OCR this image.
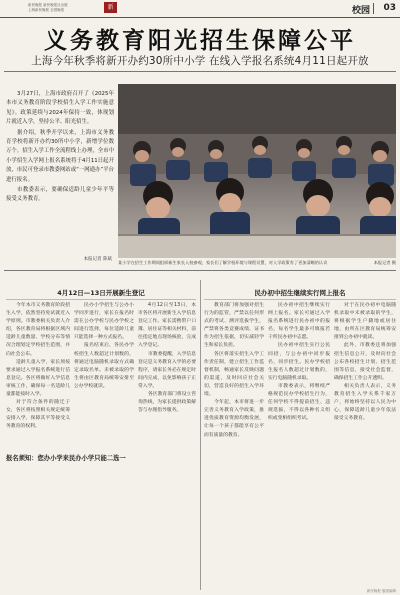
新民晚报 新民晚报社出版
上海新民晚报 全国晚报	新	校园 03
义务教育阳光招生保障公平
上海今年秋季将新开办约30所中小学 在线入学报名系统4月11日起开放

3月27日，上海市政府召开了《2025年本市义务教育阶段学校招生入学工作实施意见》。政策延续与2024年保持一致，体现划片就近入学，坚持公平、阳光招生。

据介绍，秋季开学以来，上海市义务教育学校将新开办约30所中小学，新增学位数万个。招生入学工作全流程线上办理，全市中小学招生入学网上报名系统将于4月11日起开放，市民可登录市教委网站或“一网通办”平台进行报名。

市教委表示，要确保适龄儿童少年平等接受义务教育。

本报记者 陈斌
某小学在招生工作期间组织新生家长入校参观，家长们了解学校环境与课程设置，对入学政策有了更加清晰的认识	本报记者 摄
4月12日—13日开展新生登记	民办初中招生继续实行网上报名

今年本市义务教育阶段招生入学，依然坚持免试就近入学原则。市教委相关负责人介绍，各区教育局将根据区域内适龄儿童数量、学校分布等情况合理划定学校招生范围，并向社会公布。

适龄儿童入学，家长须按要求通过入学报名系统进行信息登记。各区将做好入学信息审核工作，确保每一名适龄儿童都能按时入学。

对于符合条件的随迁子女，各区将按照相关规定统筹安排入学，保障其平等接受义务教育的权利。

民办小学招生与公办小学同步进行，家长在报名时需在公办学校与民办学校之间进行选择，每位适龄儿童只能选择一种方式报名。

报名结束后，各民办学校招生人数超过计划数的，将通过电脑随机录取方式确定录取名单。未被录取的学生将由区教育局统筹安排至公办学校就读。

报名须知：您办小学来民办小学只能二选一

4月12日至13日，本市各区将开展新生入学信息登记工作。家长需携带户口簿、居住证等相关材料，前往指定地点现场核验，完成入学登记。

市教委提醒，入学信息登记是义务教育入学的必要程序，请家长务必在规定时间内完成，以免影响孩子正常入学。

各区教育部门将设立咨询热线，为家长提供政策解答与办理指导服务。

教育部门将加强对招生行为的监管，严禁以任何形式的考试、测评选拔学生，严禁将各类竞赛成绩、证书作为招生依据，切实减轻学生和家长负担。

各区将落实招生入学工作责任制，建立招生工作监督机制，畅通家长反映问题的渠道，及时回应社会关切，营造良好的招生入学环境。

今年起，本市将进一步完善义务教育入学政策，推进优质教育资源均衡发展，让每一个孩子都能享有公平而有质量的教育。

民办初中招生继续实行网上报名。家长可通过入学报名系统进行民办初中的报名，每名学生最多可填报若干所民办初中志愿。

民办初中招生实行公民同招，与公办初中同步报名、同步招生。民办学校招生报名人数超过计划数的，实行电脑随机录取。

市教委表示，将继续严格规范民办学校招生行为，任何学校不得提前招生、违规选拔，不得以各种名义组织或变相组织考试。

对于在民办初中电脑随机录取中未被录取的学生，将根据学生户籍地或居住地，由所在区教育局统筹安排到公办初中就读。

此外，市教委还将加强招生信息公开，及时向社会公布各校招生计划、招生范围等信息，接受社会监督，确保招生工作公开透明。

相关负责人表示，义务教育招生入学关系千家万户，将始终坚持以人民为中心，保障适龄儿童少年依法接受义务教育。

新民晚报 版面编辑
